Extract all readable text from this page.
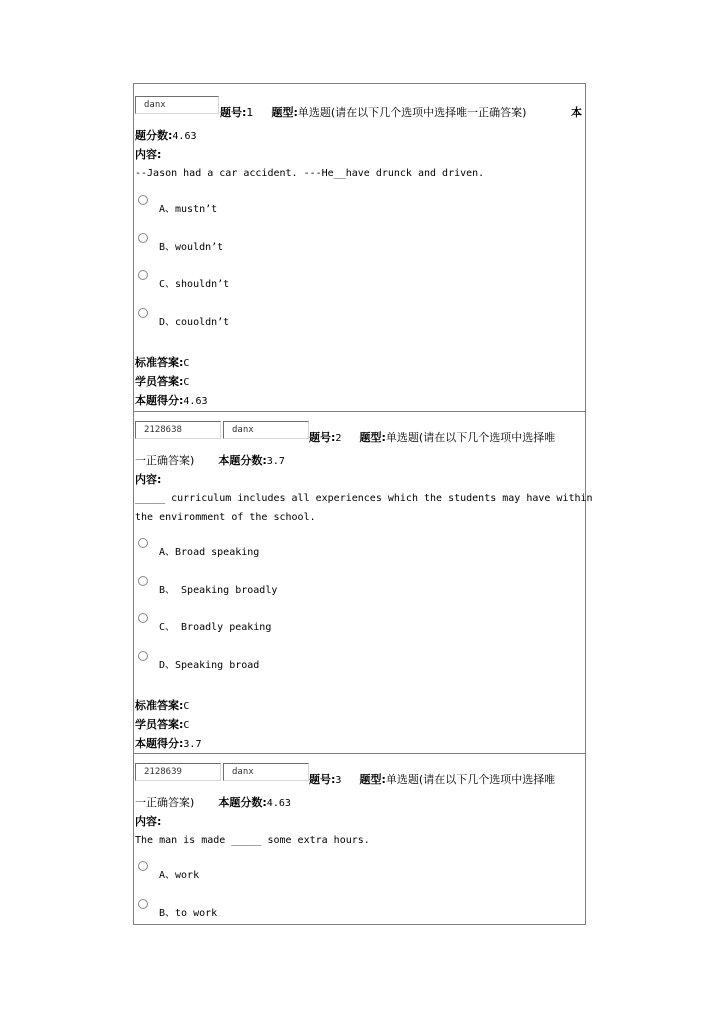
danx
题号:1 题型:单选题(请在以下几个选项中选择唯一正确答案)	本
题分数:4.63
内容:
--Jason had a car accident. ---He__have drunck and driven.
A、mustn’t
B、wouldn’t
C、shouldn’t
D、couoldn’t
标准答案:C
学员答案:C
本题得分:4.63
2128638	danx
题号:2 题型:单选题(请在以下几个选项中选择唯
一正确答案) 本题分数:3.7
内容:
_____ curriculum includes all experiences which the students may have within
the enviromment of the school.
A、Broad speaking
B、 Speaking broadly
C、 Broadly peaking
D、Speaking broad
标准答案:C
学员答案:C
本题得分:3.7
2128639	danx
题号:3 题型:单选题(请在以下几个选项中选择唯
一正确答案) 本题分数:4.63
内容:
The man is made _____ some extra hours.
A、work
B、to work
